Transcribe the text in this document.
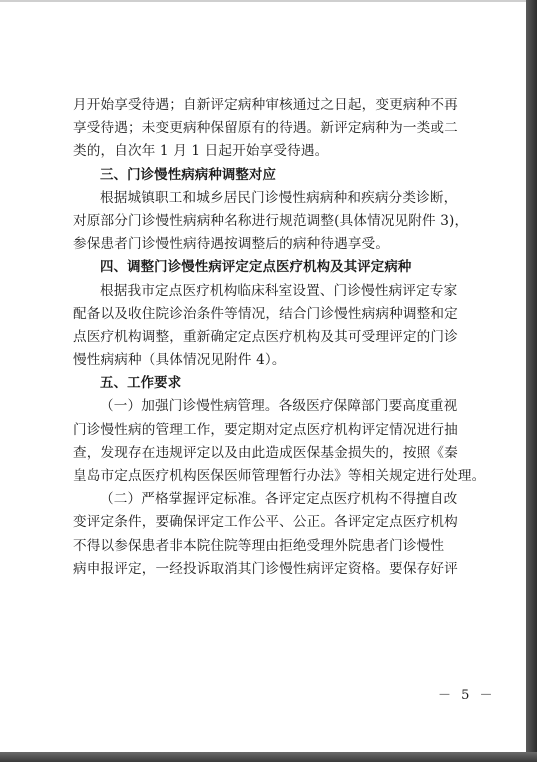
月开始享受待遇；自新评定病种审核通过之日起，变更病种不再
享受待遇；未变更病种保留原有的待遇。新评定病种为一类或二
类的，自次年 1 月 1 日起开始享受待遇。
三、门诊慢性病病种调整对应
根据城镇职工和城乡居民门诊慢性病病种和疾病分类诊断，
对原部分门诊慢性病病种名称进行规范调整(具体情况见附件 3)，
参保患者门诊慢性病待遇按调整后的病种待遇享受。
四、调整门诊慢性病评定定点医疗机构及其评定病种
根据我市定点医疗机构临床科室设置、门诊慢性病评定专家
配备以及收住院诊治条件等情况，结合门诊慢性病病种调整和定
点医疗机构调整，重新确定定点医疗机构及其可受理评定的门诊
慢性病病种（具体情况见附件 4）。
五、工作要求
（一）加强门诊慢性病管理。各级医疗保障部门要高度重视
门诊慢性病的管理工作，要定期对定点医疗机构评定情况进行抽
查，发现存在违规评定以及由此造成医保基金损失的，按照《秦
皇岛市定点医疗机构医保医师管理暂行办法》等相关规定进行处理。
（二）严格掌握评定标准。各评定定点医疗机构不得擅自改
变评定条件，要确保评定工作公平、公正。各评定定点医疗机构
不得以参保患者非本院住院等理由拒绝受理外院患者门诊慢性
病申报评定，一经投诉取消其门诊慢性病评定资格。要保存好评
－ 5 －
